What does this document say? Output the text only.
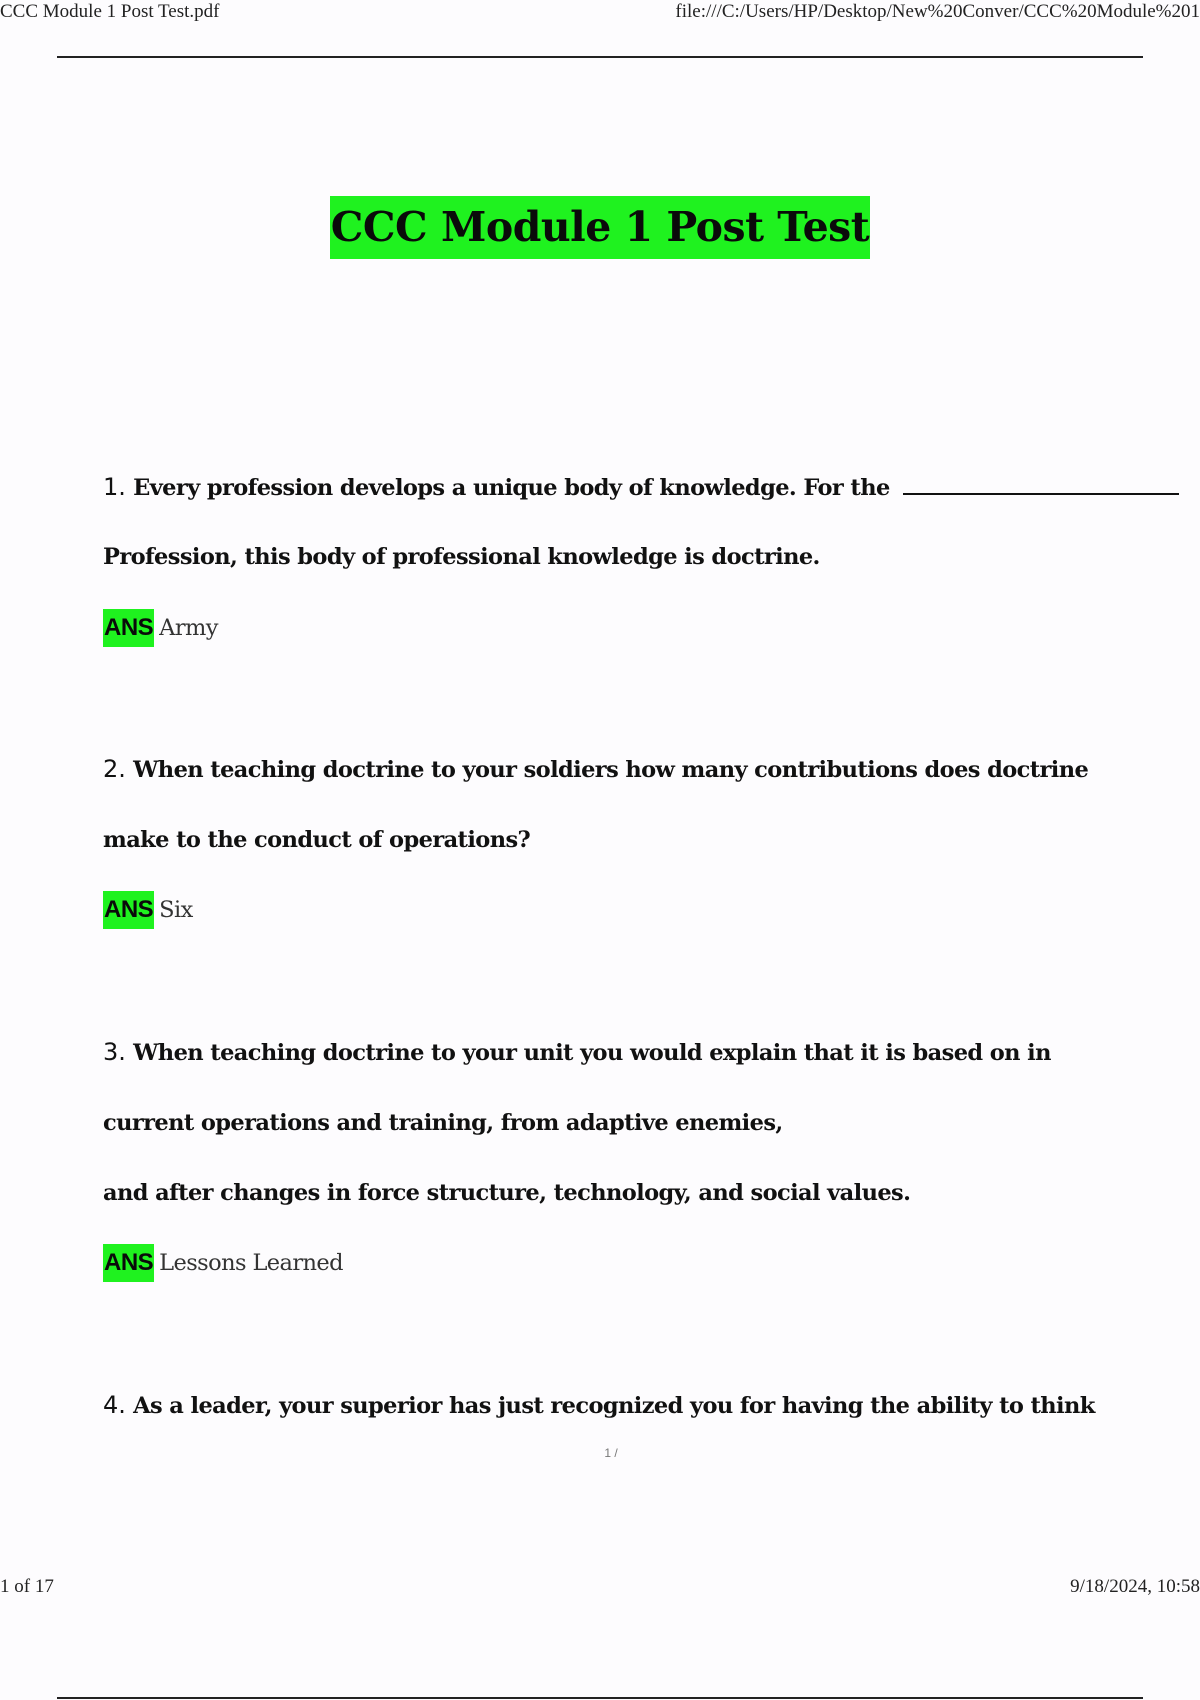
CCC Module 1 Post Test.pdf	file:///C:/Users/HP/Desktop/New%20Conver/CCC%20Module%201
CCC Module 1 Post Test
1. Every profession develops a unique body of knowledge. For the
Profession, this body of professional knowledge is doctrine.
ANS Army
2. When teaching doctrine to your soldiers how many contributions does doctrine
make to the conduct of operations?
ANS Six
3. When teaching doctrine to your unit you would explain that it is based on in
current operations and training, from adaptive enemies,
and after changes in force structure, technology, and social values.
ANS Lessons Learned
4. As a leader, your superior has just recognized you for having the ability to think
1 /
1 of 17	9/18/2024, 10:58
